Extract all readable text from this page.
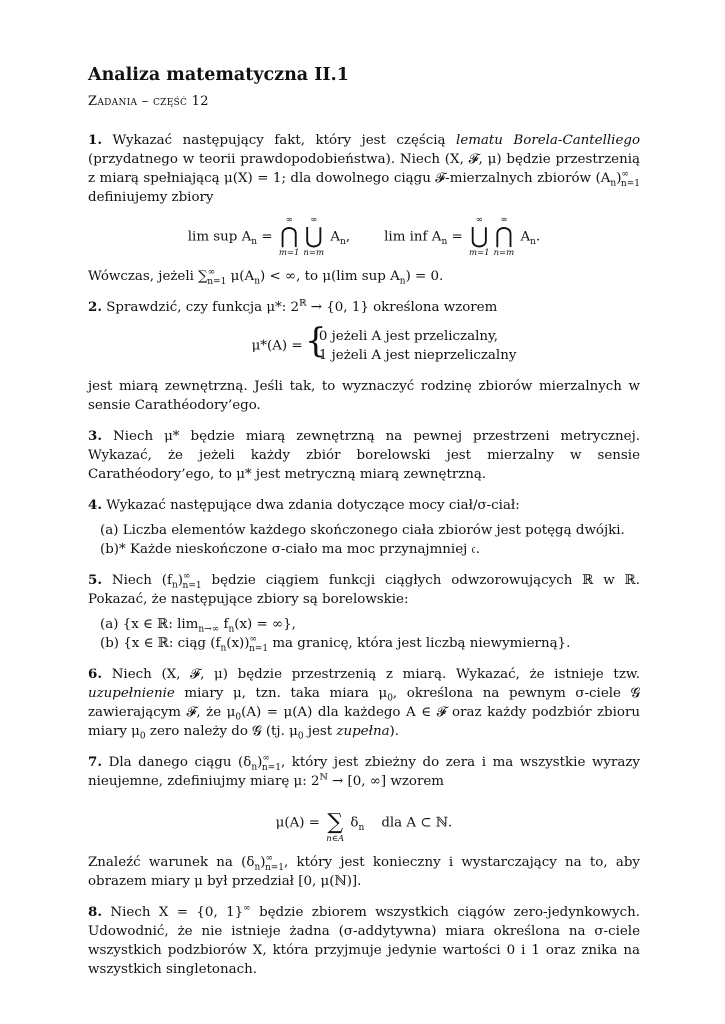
Analiza matematyczna II.1
Zadania – część 12

1. Wykazać następujący fakt, który jest częścią lematu Borela-Cantelliego (przydatnego w teorii prawdopodobieństwa). Niech (X, 𝓕, μ) będzie przestrzenią z miarą spełniającą μ(X) = 1; dla dowolnego ciągu 𝓕-mierzalnych zbiorów $(A_n)^\infty_{n=1}$ definiujemy zbiory

lim sup $A_n$ =
∞
⋂
m=1
∞
⋃
n=m
$A_n$,        lim inf $A_n$ =
∞
⋃
m=1
∞
⋂
n=m
$A_n$.

Wówczas, jeżeli $\sum^\infty_{n=1}$ $\mu(A_n)$ < ∞, to μ(lim sup $A_n) = 0$.

2. Sprawdzić, czy funkcja μ*: $2^ℝ \to \{0$, 1} określona wzorem

μ*(A) =
{ 0 jeżeli A jest przeliczalny,
1 jeżeli A jest nieprzeliczalny

jest miarą zewnętrzną. Jeśli tak, to wyznaczyć rodzinę zbiorów mierzalnych w sensie Carathéodory’ego.

3. Niech μ* będzie miarą zewnętrzną na pewnej przestrzeni metrycznej. Wykazać, że jeżeli każdy zbiór borelowski jest mierzalny w sensie Carathéodory’ego, to μ* jest metryczną miarą zewnętrzną.

4. Wykazać następujące dwa zdania dotyczące mocy ciał/σ-ciał:

(a) Liczba elementów każdego skończonego ciała zbiorów jest potęgą dwójki.
(b)* Każde nieskończone σ-ciało ma moc przynajmniej 𝔠.

5. Niech $(f_n)^\infty_{n=1}$ będzie ciągiem funkcji ciągłych odwzorowujących ℝ w ℝ. Pokazać, że następujące zbiory są borelowskie:

(a) {x ∈ ℝ: $\lim_{n\to\infty} f_n(x)$ = ∞},
(b) {x ∈ ℝ: ciąg $(f_n(x))^\infty_{n=1}$ ma granicę, która jest liczbą niewymierną}.

6. Niech (X, 𝓕, μ) będzie przestrzenią z miarą. Wykazać, że istnieje tzw. uzupełnienie miary μ, tzn. taka miara $\mu_0$, określona na pewnym σ-ciele 𝓖 zawierającym 𝓕, że $\mu_0(A) = \mu(A)$ dla każdego A ∈ 𝓕 oraz każdy podzbiór zbioru miary $\mu_0$ zero należy do 𝓖 (tj. $\mu_0$ jest zupełna).

7. Dla danego ciągu $(\delta_n)^\infty_{n=1}$, który jest zbieżny do zera i ma wszystkie wyrazy nieujemne, zdefiniujmy miarę μ: $2^ℕ \to [0$, ∞] wzorem

μ(A) =
∑
n∈A
$\delta_n$ dla A ⊂ ℕ.

Znaleźć warunek na $(\delta_n)^\infty_{n=1}$, który jest konieczny i wystarczający na to, aby obrazem miary μ był przedział [0, μ(ℕ)].

8. Niech X = {0, 1}∞ będzie zbiorem wszystkich ciągów zero-jedynkowych. Udowodnić, że nie istnieje żadna (σ-addytywna) miara określona na σ-ciele wszystkich podzbiorów X, która przyjmuje jedynie wartości 0 i 1 oraz znika na wszystkich singletonach.
